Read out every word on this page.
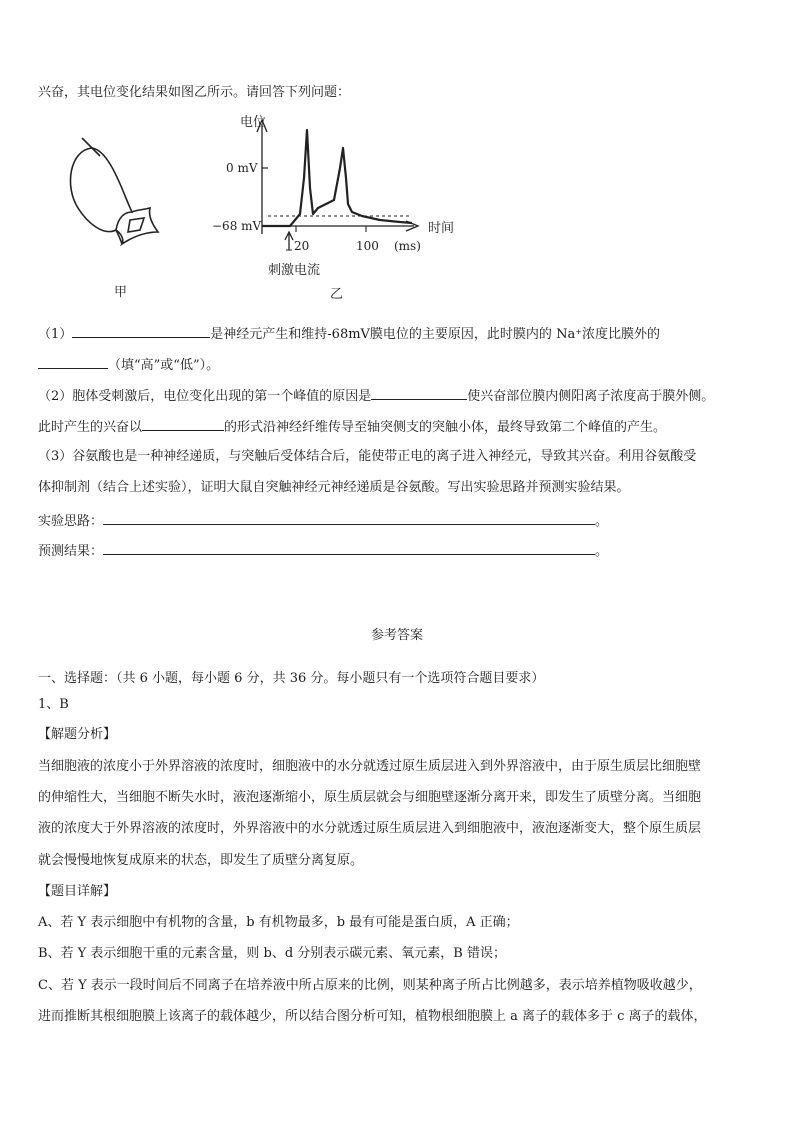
兴奋，其电位变化结果如图乙所示。请回答下列问题：
甲
电位
0 mV
−68 mV
20	100 (ms)
时间
刺激电流
乙
（1）	是神经元产生和维持-68mV膜电位的主要原因，此时膜内的 Na⁺浓度比膜外的
（填“高”或“低”）。
（2）胞体受刺激后，电位变化出现的第一个峰值的原因是	使兴奋部位膜内侧阳离子浓度高于膜外侧。
此时产生的兴奋以	的形式沿神经纤维传导至轴突侧支的突触小体，最终导致第二个峰值的产生。
（3）谷氨酸也是一种神经递质，与突触后受体结合后，能使带正电的离子进入神经元，导致其兴奋。利用谷氨酸受
体抑制剂（结合上述实验），证明大鼠自突触神经元神经递质是谷氨酸。写出实验思路并预测实验结果。
实验思路：	。
预测结果：	。
参考答案
一、选择题：（共 6 小题，每小题 6 分，共 36 分。每小题只有一个选项符合题目要求）
1、B
【解题分析】
当细胞液的浓度小于外界溶液的浓度时，细胞液中的水分就透过原生质层进入到外界溶液中，由于原生质层比细胞壁
的伸缩性大，当细胞不断失水时，液泡逐渐缩小，原生质层就会与细胞壁逐渐分离开来，即发生了质壁分离。当细胞
液的浓度大于外界溶液的浓度时，外界溶液中的水分就透过原生质层进入到细胞液中，液泡逐渐变大，整个原生质层
就会慢慢地恢复成原来的状态，即发生了质壁分离复原。
【题目详解】
A、若 Y 表示细胞中有机物的含量，b 有机物最多，b 最有可能是蛋白质，A 正确；
B、若 Y 表示细胞干重的元素含量，则 b、d 分别表示碳元素、氧元素，B 错误；
C、若 Y 表示一段时间后不同离子在培养液中所占原来的比例，则某种离子所占比例越多，表示培养植物吸收越少，
进而推断其根细胞膜上该离子的载体越少，所以结合图分析可知，植物根细胞膜上 a 离子的载体多于 c 离子的载体，
